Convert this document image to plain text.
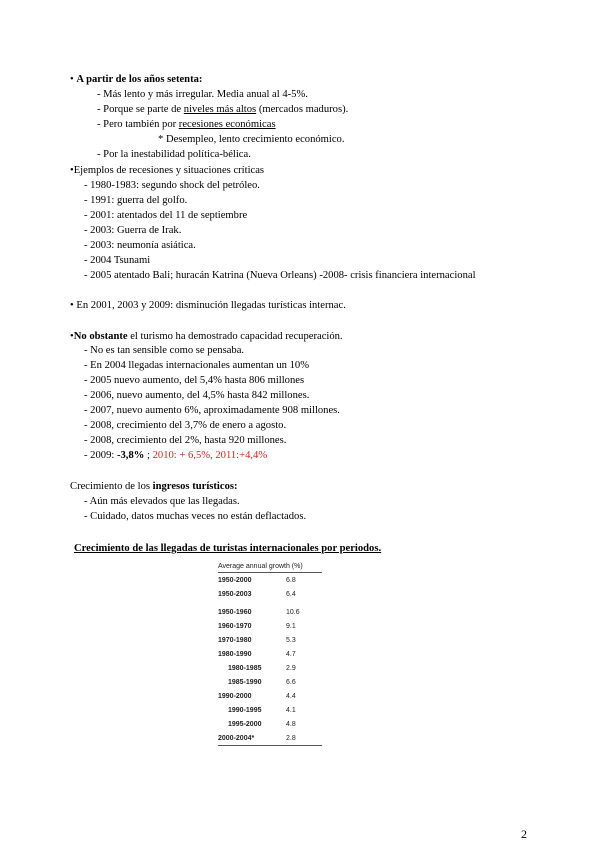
• A partir de los años setenta:
- Más lento y más irregular. Media anual al 4-5%.
- Porque se parte de niveles más altos (mercados maduros).
- Pero también por recesiones económicas
* Desempleo, lento crecimiento económico.
- Por la inestabilidad política-bélica.
•Ejemplos de recesiones y situaciones críticas
- 1980-1983: segundo shock del petróleo.
- 1991: guerra del golfo.
- 2001: atentados del 11 de septiembre
- 2003: Guerra de Irak.
- 2003: neumonía asiática.
- 2004 Tsunami
- 2005 atentado Bali; huracán Katrina (Nueva Orleans) -2008- crisis financiera internacional
• En 2001, 2003 y 2009: disminución llegadas turísticas internac.
•No obstante el turismo ha demostrado capacidad recuperación.
- No es tan sensible como se pensaba.
- En 2004 llegadas internacionales aumentan un 10%
- 2005 nuevo aumento, del 5,4% hasta 806 millones
- 2006, nuevo aumento, del 4,5% hasta 842 millones.
- 2007, nuevo aumento 6%, aproximadamente 908 millones.
- 2008, crecimiento del 3,7% de enero a agosto.
- 2008, crecimiento del 2%, hasta 920 millones.
- 2009: -3,8% ; 2010: + 6,5%, 2011:+4,4%
Crecimiento de los ingresos turísticos:
- Aún más elevados que las llegadas.
- Cuidado, datos muchas veces no están deflactados.
Crecimiento de las llegadas de turistas internacionales por periodos.
Average annual growth (%)
1950-2000	6.8
1950-2003	6.4
1950-1960	10.6
1960-1970	9.1
1970-1980	5.3
1980-1990	4.7
1980-1985	2.9
1985-1990	6.6
1990-2000	4.4
1990-1995	4.1
1995-2000	4.8
2000-2004*	2.8
2
